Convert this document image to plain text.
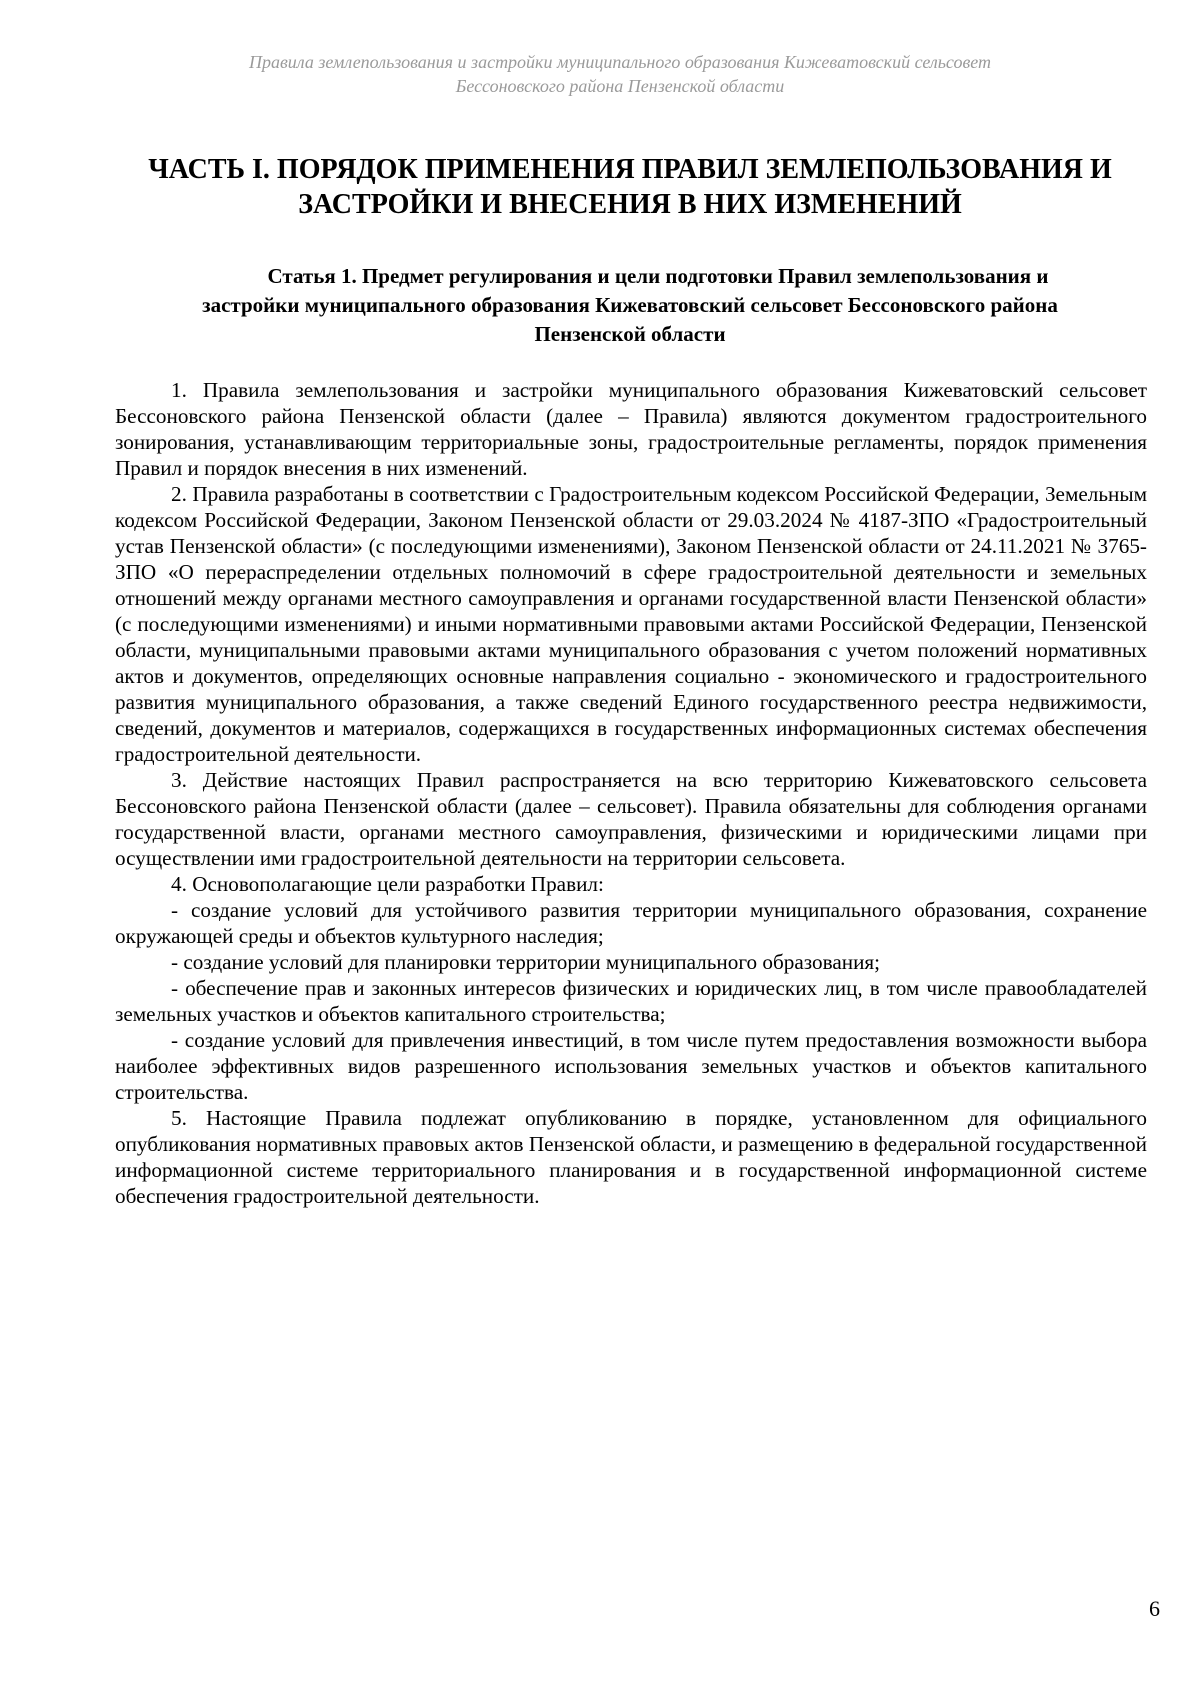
Правила землепользования и застройки муниципального образования Кижеватовский сельсовет
Бессоновского района Пензенской области
ЧАСТЬ I. ПОРЯДОК ПРИМЕНЕНИЯ ПРАВИЛ ЗЕМЛЕПОЛЬЗОВАНИЯ И
ЗАСТРОЙКИ И ВНЕСЕНИЯ В НИХ ИЗМЕНЕНИЙ
Статья 1. Предмет регулирования и цели подготовки Правил землепользования и
застройки муниципального образования Кижеватовский сельсовет Бессоновского района
Пензенской области

1. Правила землепользования и застройки муниципального образования Кижеватовский сельсовет Бессоновского района Пензенской области (далее – Правила) являются документом градостроительного зонирования, устанавливающим территориальные зоны, градостроительные регламенты, порядок применения Правил и порядок внесения в них изменений.

2. Правила разработаны в соответствии с Градостроительным кодексом Российской Федерации, Земельным кодексом Российской Федерации, Законом Пензенской области от 29.03.2024 № 4187-ЗПО «Градостроительный устав Пензенской области» (с последующими изменениями), Законом Пензенской области от 24.11.2021 № 3765-ЗПО «О перераспределении отдельных полномочий в сфере градостроительной деятельности и земельных отношений между органами местного самоуправления и органами государственной власти Пензенской области» (с последующими изменениями) и иными нормативными правовыми актами Российской Федерации, Пензенской области, муниципальными правовыми актами муниципального образования с учетом положений нормативных актов и документов, определяющих основные направления социально - экономического и градостроительного развития муниципального образования, а также сведений Единого государственного реестра недвижимости, сведений, документов и материалов, содержащихся в государственных информационных системах обеспечения градостроительной деятельности.

3. Действие настоящих Правил распространяется на всю территорию Кижеватовского сельсовета Бессоновского района Пензенской области (далее – сельсовет). Правила обязательны для соблюдения органами государственной власти, органами местного самоуправления, физическими и юридическими лицами при осуществлении ими градостроительной деятельности на территории сельсовета.

4. Основополагающие цели разработки Правил:

- создание условий для устойчивого развития территории муниципального образования, сохранение окружающей среды и объектов культурного наследия;

- создание условий для планировки территории муниципального образования;

- обеспечение прав и законных интересов физических и юридических лиц, в том числе правообладателей земельных участков и объектов капитального строительства;

- создание условий для привлечения инвестиций, в том числе путем предоставления возможности выбора наиболее эффективных видов разрешенного использования земельных участков и объектов капитального строительства.

5. Настоящие Правила подлежат опубликованию в порядке, установленном для официального опубликования нормативных правовых актов Пензенской области, и размещению в федеральной государственной информационной системе территориального планирования и в государственной информационной системе обеспечения градостроительной деятельности.

6
